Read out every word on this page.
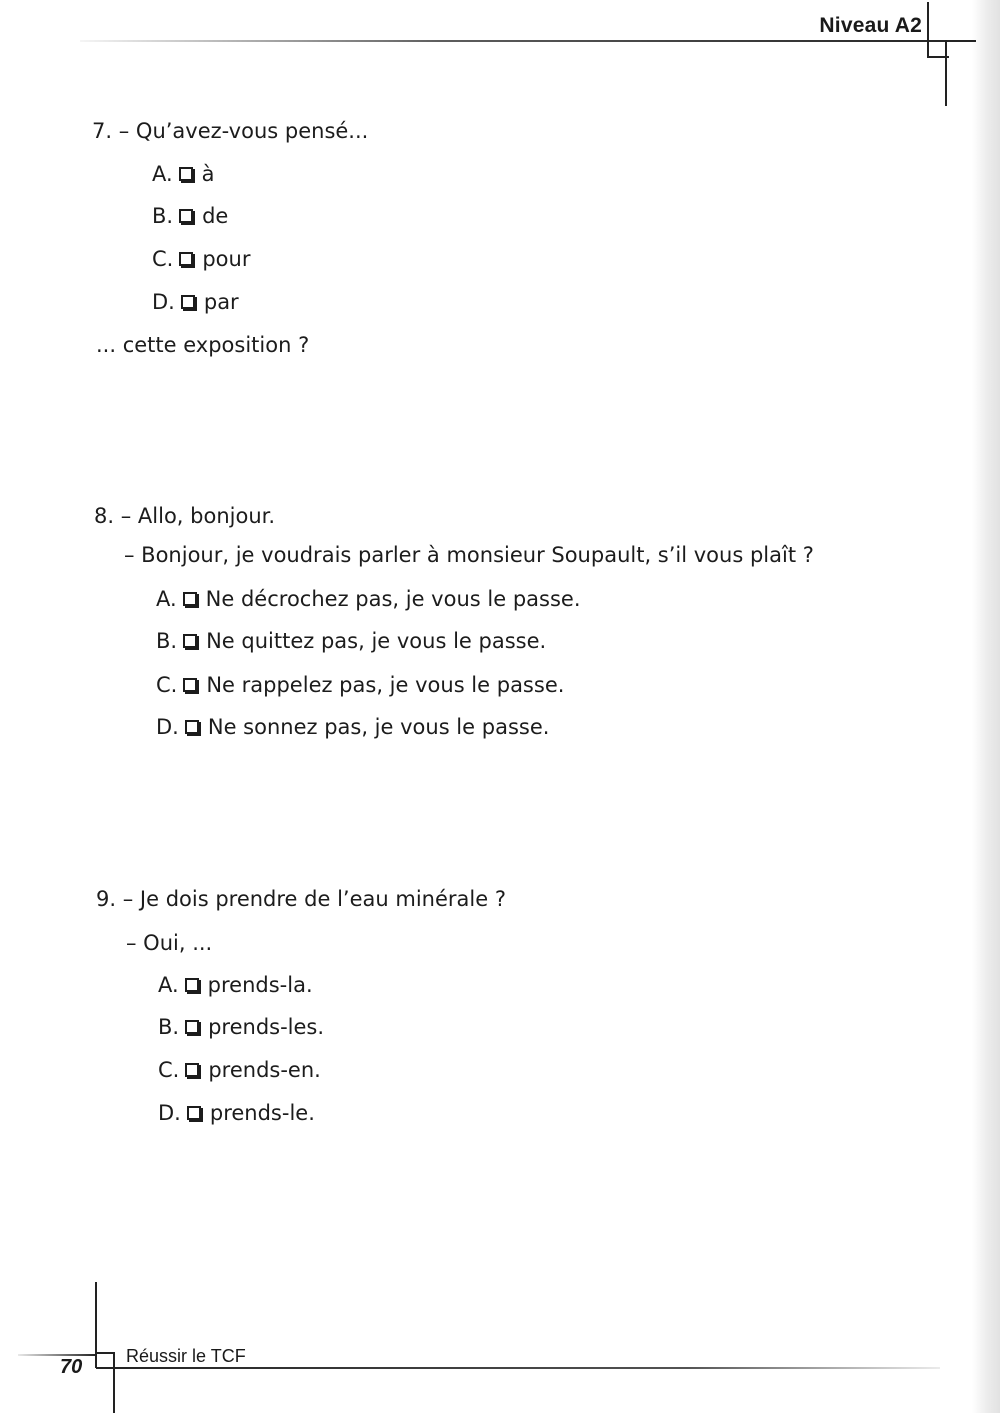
Niveau A2
7. – Qu’avez-vous pensé...
A. à
B. de
C. pour
D. par
... cette exposition ?
8. – Allo, bonjour.
– Bonjour, je voudrais parler à monsieur Soupault, s’il vous plaît ?
A. Ne décrochez pas, je vous le passe.
B. Ne quittez pas, je vous le passe.
C. Ne rappelez pas, je vous le passe.
D. Ne sonnez pas, je vous le passe.
9. – Je dois prendre de l’eau minérale ?
– Oui, ...
A. prends-la.
B. prends-les.
C. prends-en.
D. prends-le.
70 Réussir le TCF
